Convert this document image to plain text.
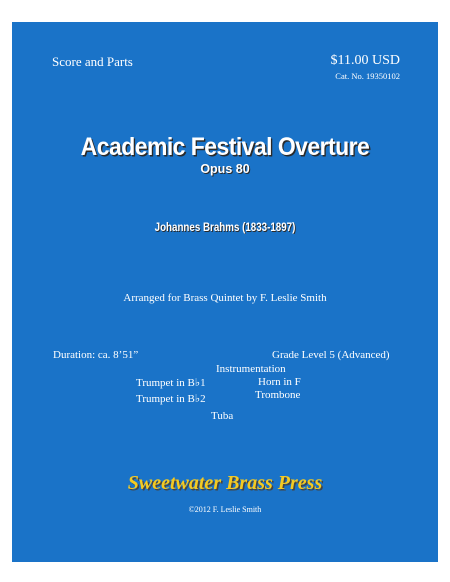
Score and Parts	$11.00 USD
Cat. No. 19350102
Academic Festival Overture
Opus 80
Johannes Brahms (1833-1897)
Arranged for Brass Quintet by F. Leslie Smith
Duration: ca. 8’51”	Grade Level 5 (Advanced)
Instrumentation
Trumpet in B♭1	Horn in F
Trumpet in B♭2	Trombone
Tuba
Sweetwater Brass Press
©2012 F. Leslie Smith
